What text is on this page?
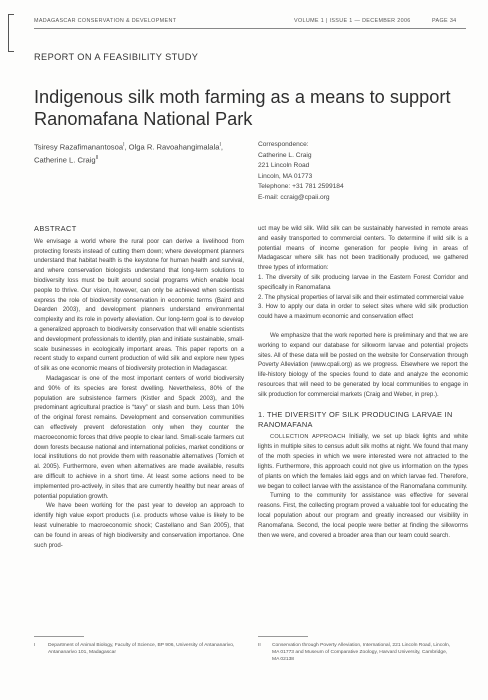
MADAGASCAR CONSERVATION & DEVELOPMENT	VOLUME 1 | ISSUE 1 — DECEMBER 2006	PAGE 34
REPORT ON A FEASIBILITY STUDY
Indigenous silk moth farming as a means to support Ranomafana National Park
Tsiresy Razafimanantosoa$^I$, Olga R. Ravoahangimalala$^I$,
Catherine L. Craig$^{II}$
Correspondence:
Catherine L. Craig
221 Lincoln Road
Lincoln, MA 01773
Telephone: +31 781 2599184
E-mail: ccraig@cpaii.org
ABSTRACT

We envisage a world where the rural poor can derive a livelihood from protecting forests instead of cutting them down; where development planners understand that habitat health is the keystone for human health and survival, and where conservation biologists understand that long-term solutions to biodiversity loss must be built around social programs which enable local people to thrive. Our vision, however, can only be achieved when scientists express the role of biodiversity conservation in economic terms (Baird and Dearden 2003), and development planners understand environmental complexity and its role in poverty alleviation. Our long-term goal is to develop a generalized approach to biodiversity conservation that will enable scientists and development professionals to identify, plan and initiate sustainable, small-scale businesses in ecologically important areas. This paper reports on a recent study to expand current production of wild silk and explore new types of silk as one economic means of biodiversity protection in Madagascar.

Madagascar is one of the most important centers of world biodiversity and 90% of its species are forest dwelling. Nevertheless, 80% of the population are subsistence farmers (Kistler and Spack 2003), and the predominant agricultural practice is “tavy” or slash and burn. Less than 10% of the original forest remains. Development and conservation communities can effectively prevent deforestation only when they counter the macroeconomic forces that drive people to clear land. Small-scale farmers cut down forests because national and international policies, market conditions or local institutions do not provide them with reasonable alternatives (Tomich et al. 2005). Furthermore, even when alternatives are made available, results are difficult to achieve in a short time. At least some actions need to be implemented pro-actively, in sites that are currently healthy but near areas of potential population growth.

We have been working for the past year to develop an approach to identify high value export products (i.e. products whose value is likely to be least vulnerable to macroeconomic shock; Castellano and San 2005), that can be found in areas of high biodiversity and conservation importance. One such prod-

uct may be wild silk. Wild silk can be sustainably harvested in remote areas and easily transported to commercial centers. To determine if wild silk is a potential means of income generation for people living in areas of Madagascar where silk has not been traditionally produced, we gathered three types of information:

1. The diversity of silk producing larvae in the Eastern Forest Corridor and specifically in Ranomafana

2. The physical properties of larval silk and their estimated commercial value

3. How to apply our data in order to select sites where wild silk production could have a maximum economic and conservation effect

We emphasize that the work reported here is preliminary and that we are working to expand our database for silkworm larvae and potential projects sites. All of these data will be posted on the website for Conservation through Poverty Alleviation (www.cpali.org) as we progress. Elsewhere we report the life-history biology of the species found to date and analyze the economic resources that will need to be generated by local communities to engage in silk production for commercial markets (Craig and Weber, in prep.).

1. THE DIVERSITY OF SILK PRODUCING LARVAE IN RANOMAFANA

COLLECTION APPROACH Initially, we set up black lights and white lights in multiple sites to census adult silk moths at night. We found that many of the moth species in which we were interested were not attracted to the lights. Furthermore, this approach could not give us information on the types of plants on which the females laid eggs and on which larvae fed. Therefore, we began to collect larvae with the assistance of the Ranomafana community.

Turning to the community for assistance was effective for several reasons. First, the collecting program proved a valuable tool for educating the local population about our program and greatly increased our visibility in Ranomafana. Second, the local people were better at finding the silkworms then we were, and covered a broader area than our team could search.

I	Department of Animal Biology, Faculty of Science, BP 906, University of Antananarivo, Antananarivo 101, Madagascar
II Conservation through Poverty Alleviation, International, 221 Lincoln Road, Lincoln, MA 01773 and Museum of Comparative Zoology, Harvard University, Cambridge, MA 02138
